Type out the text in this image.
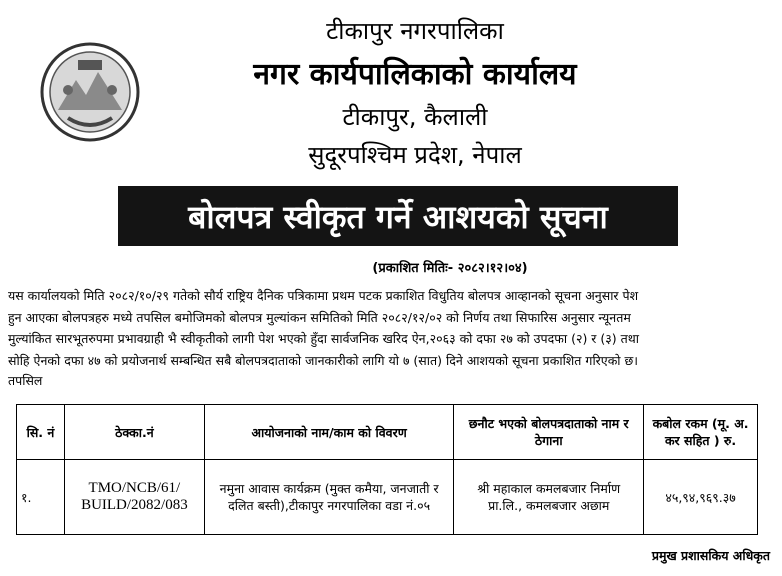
टीकापुर नगरपालिका
नगर कार्यपालिकाको कार्यालय
टीकापुर, कैलाली
सुदूरपश्चिम प्रदेश, नेपाल
बोलपत्र स्वीकृत गर्ने आशयको सूचना
(प्रकाशित मितिः- २०८२।१२।०४)
यस कार्यालयको मिति २०८२/१०/२९ गतेको सौर्य राष्ट्रिय दैनिक पत्रिकामा प्रथम पटक प्रकाशित विधुतिय बोलपत्र आव्हानको सूचना अनुसार पेश
हुन आएका बोलपत्रहरु मध्ये तपसिल बमोजिमको बोलपत्र मुल्यांकन समितिको मिति २०८२/१२/०२ को निर्णय तथा सिफारिस अनुसार न्यूनतम
मुल्यांकित सारभूतरुपमा प्रभावग्राही भै स्वीकृतीको लागी पेश भएको हुँदा सार्वजनिक खरिद ऐन,२०६३ को दफा २७ को उपदफा (२) र (३) तथा
सोहि ऐनको दफा ४७ को प्रयोजनार्थ सम्बन्धित सबै बोलपत्रदाताको जानकारीको लागि यो ७ (सात) दिने आशयको सूचना प्रकाशित गरिएको छ।
तपसिल
सि. नं	ठेक्का.नं	आयोजनाको नाम/काम को विवरण	छनौट भएको बोलपत्रदाताको नाम र ठेगाना	कबोल रकम (मू. अ. कर सहित ) रु.
१.	TMO/NCB/61/ BUILD/2082/083	नमुना आवास कार्यक्रम (मुक्त कमैया, जनजाती र दलित बस्ती),टीकापुर नगरपालिका वडा नं.०५	श्री महाकाल कमलबजार निर्माण प्रा.लि., कमलबजार अछाम	४५,९४,९६९.३७
प्रमुख प्रशासकिय अधिकृत
